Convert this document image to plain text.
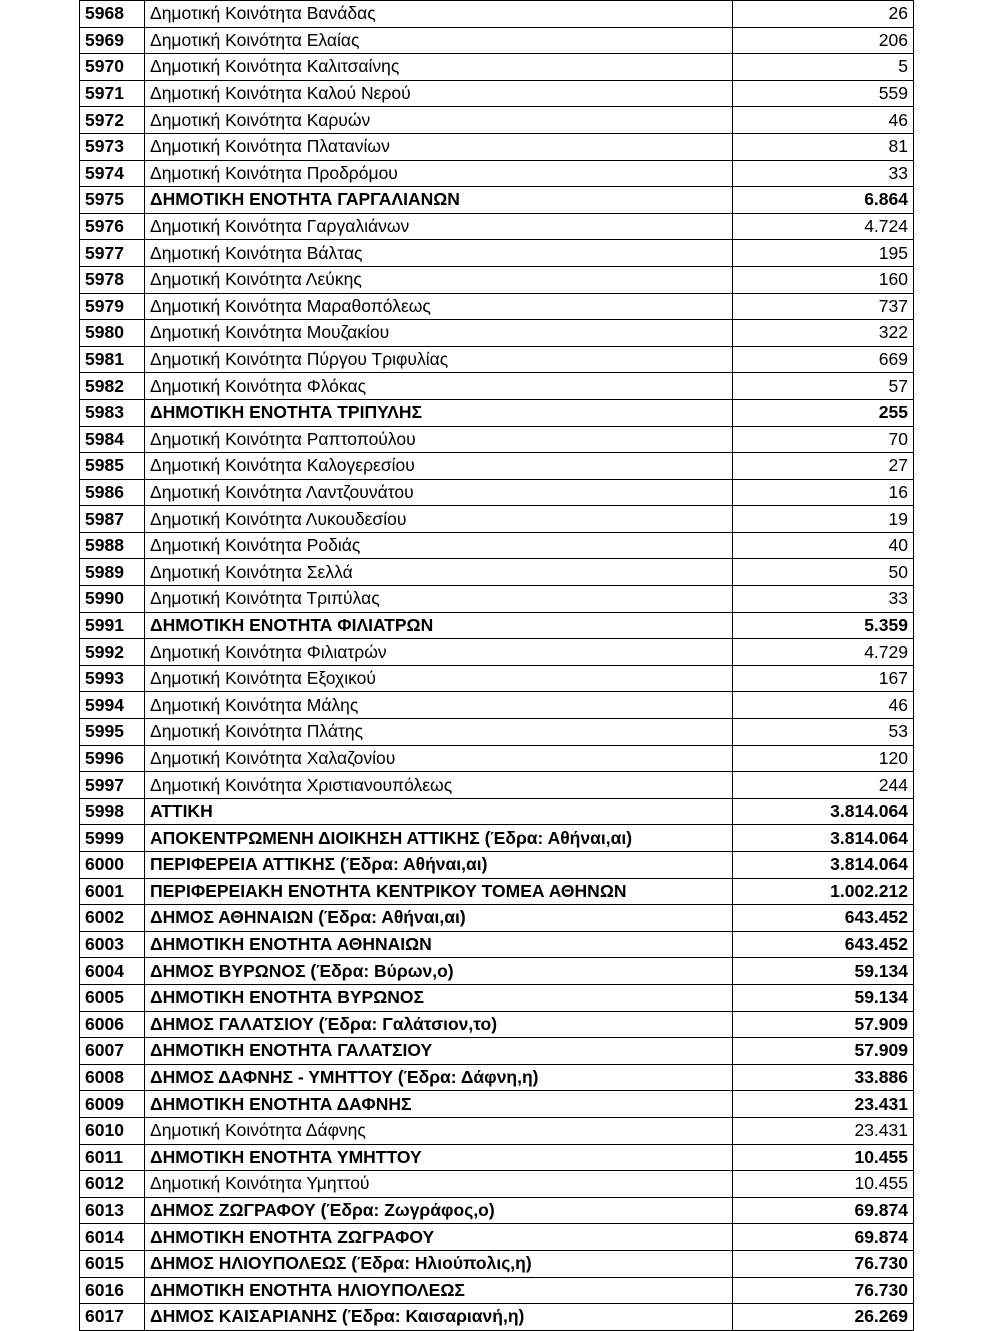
5968	Δημοτική Κοινότητα Βανάδας	26
5969	Δημοτική Κοινότητα Ελαίας	206
5970	Δημοτική Κοινότητα Καλιτσαίνης	5
5971	Δημοτική Κοινότητα Καλού Νερού	559
5972	Δημοτική Κοινότητα Καρυών	46
5973	Δημοτική Κοινότητα Πλατανίων	81
5974	Δημοτική Κοινότητα Προδρόμου	33
5975	ΔΗΜΟΤΙΚΗ ΕΝΟΤΗΤΑ ΓΑΡΓΑΛΙΑΝΩΝ	6.864
5976	Δημοτική Κοινότητα Γαργαλιάνων	4.724
5977	Δημοτική Κοινότητα Βάλτας	195
5978	Δημοτική Κοινότητα Λεύκης	160
5979	Δημοτική Κοινότητα Μαραθοπόλεως	737
5980	Δημοτική Κοινότητα Μουζακίου	322
5981	Δημοτική Κοινότητα Πύργου Τριφυλίας	669
5982	Δημοτική Κοινότητα Φλόκας	57
5983	ΔΗΜΟΤΙΚΗ ΕΝΟΤΗΤΑ ΤΡΙΠΥΛΗΣ	255
5984	Δημοτική Κοινότητα Ραπτοπούλου	70
5985	Δημοτική Κοινότητα Καλογερεσίου	27
5986	Δημοτική Κοινότητα Λαντζουνάτου	16
5987	Δημοτική Κοινότητα Λυκουδεσίου	19
5988	Δημοτική Κοινότητα Ροδιάς	40
5989	Δημοτική Κοινότητα Σελλά	50
5990	Δημοτική Κοινότητα Τριπύλας	33
5991	ΔΗΜΟΤΙΚΗ ΕΝΟΤΗΤΑ ΦΙΛΙΑΤΡΩΝ	5.359
5992	Δημοτική Κοινότητα Φιλιατρών	4.729
5993	Δημοτική Κοινότητα Εξοχικού	167
5994	Δημοτική Κοινότητα Μάλης	46
5995	Δημοτική Κοινότητα Πλάτης	53
5996	Δημοτική Κοινότητα Χαλαζονίου	120
5997	Δημοτική Κοινότητα Χριστιανουπόλεως	244
5998	ΑΤΤΙΚΗ	3.814.064
5999	ΑΠΟΚΕΝΤΡΩΜΕΝΗ ΔΙΟΙΚΗΣΗ ΑΤΤΙΚΗΣ (Έδρα: Αθήναι,αι)	3.814.064
6000	ΠΕΡΙΦΕΡΕΙΑ ΑΤΤΙΚΗΣ (Έδρα: Αθήναι,αι)	3.814.064
6001	ΠΕΡΙΦΕΡΕΙΑΚΗ ΕΝΟΤΗΤΑ ΚΕΝΤΡΙΚΟΥ ΤΟΜΕΑ ΑΘΗΝΩΝ	1.002.212
6002	ΔΗΜΟΣ ΑΘΗΝΑΙΩΝ (Έδρα: Αθήναι,αι)	643.452
6003	ΔΗΜΟΤΙΚΗ ΕΝΟΤΗΤΑ ΑΘΗΝΑΙΩΝ	643.452
6004	ΔΗΜΟΣ ΒΥΡΩΝΟΣ (Έδρα: Βύρων,ο)	59.134
6005	ΔΗΜΟΤΙΚΗ ΕΝΟΤΗΤΑ ΒΥΡΩΝΟΣ	59.134
6006	ΔΗΜΟΣ ΓΑΛΑΤΣΙΟΥ (Έδρα: Γαλάτσιον,το)	57.909
6007	ΔΗΜΟΤΙΚΗ ΕΝΟΤΗΤΑ ΓΑΛΑΤΣΙΟΥ	57.909
6008	ΔΗΜΟΣ ΔΑΦΝΗΣ - ΥΜΗΤΤΟΥ (Έδρα: Δάφνη,η)	33.886
6009	ΔΗΜΟΤΙΚΗ ΕΝΟΤΗΤΑ ΔΑΦΝΗΣ	23.431
6010	Δημοτική Κοινότητα Δάφνης	23.431
6011	ΔΗΜΟΤΙΚΗ ΕΝΟΤΗΤΑ ΥΜΗΤΤΟΥ	10.455
6012	Δημοτική Κοινότητα Υμηττού	10.455
6013	ΔΗΜΟΣ ΖΩΓΡΑΦΟΥ (Έδρα: Ζωγράφος,ο)	69.874
6014	ΔΗΜΟΤΙΚΗ ΕΝΟΤΗΤΑ ΖΩΓΡΑΦΟΥ	69.874
6015	ΔΗΜΟΣ ΗΛΙΟΥΠΟΛΕΩΣ (Έδρα: Ηλιούπολις,η)	76.730
6016	ΔΗΜΟΤΙΚΗ ΕΝΟΤΗΤΑ ΗΛΙΟΥΠΟΛΕΩΣ	76.730
6017	ΔΗΜΟΣ ΚΑΙΣΑΡΙΑΝΗΣ (Έδρα: Καισαριανή,η)	26.269
